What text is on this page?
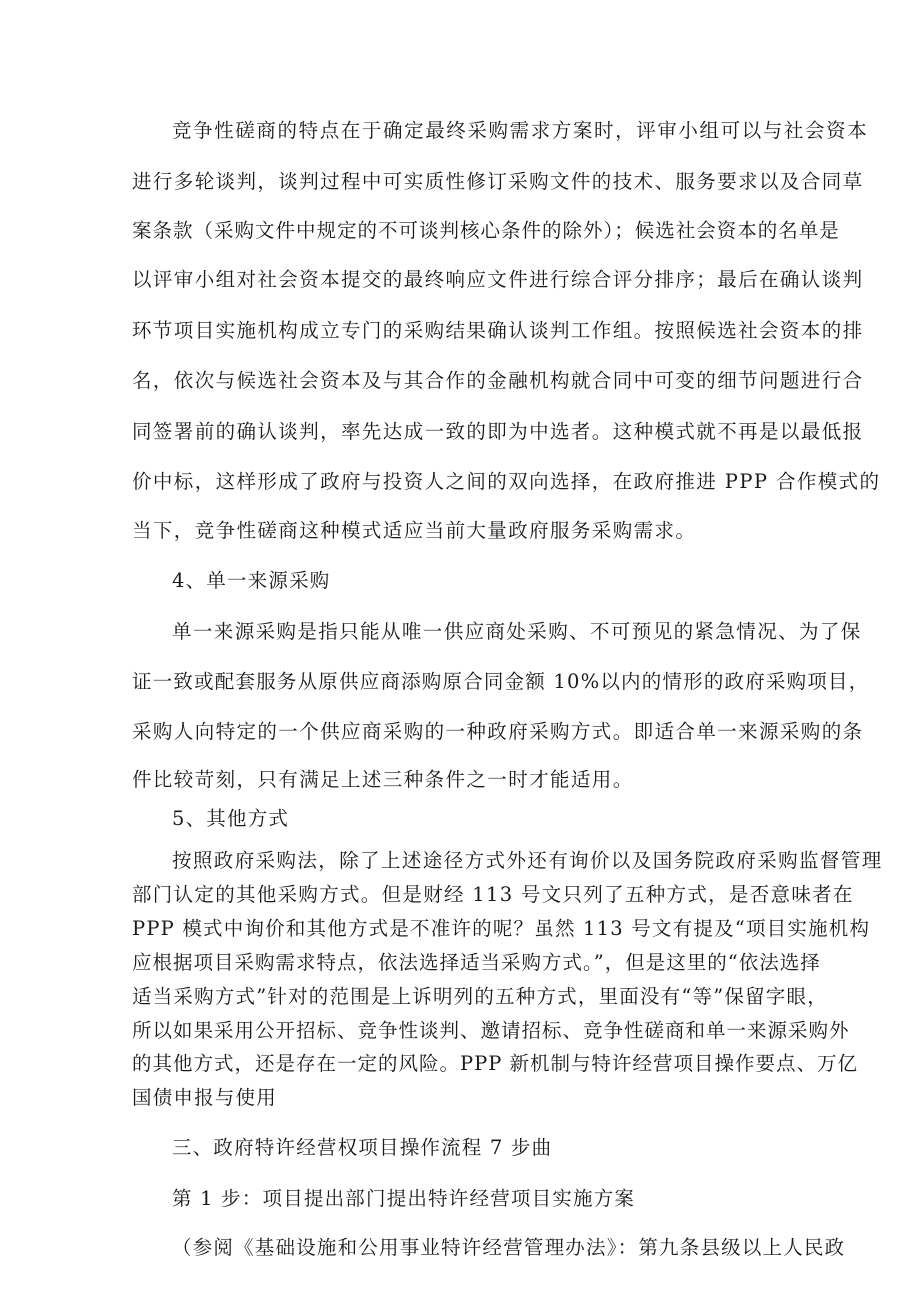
竞争性磋商的特点在于确定最终采购需求方案时，评审小组可以与社会资本
进行多轮谈判，谈判过程中可实质性修订采购文件的技术、服务要求以及合同草
案条款（采购文件中规定的不可谈判核心条件的除外）；候选社会资本的名单是
以评审小组对社会资本提交的最终响应文件进行综合评分排序；最后在确认谈判
环节项目实施机构成立专门的采购结果确认谈判工作组。按照候选社会资本的排
名，依次与候选社会资本及与其合作的金融机构就合同中可变的细节问题进行合
同签署前的确认谈判，率先达成一致的即为中选者。这种模式就不再是以最低报
价中标，这样形成了政府与投资人之间的双向选择，在政府推进 PPP 合作模式的
当下，竞争性磋商这种模式适应当前大量政府服务采购需求。
4、单一来源采购
单一来源采购是指只能从唯一供应商处采购、不可预见的紧急情况、为了保
证一致或配套服务从原供应商添购原合同金额 10%以内的情形的政府采购项目，
采购人向特定的一个供应商采购的一种政府采购方式。即适合单一来源采购的条
件比较苛刻，只有满足上述三种条件之一时才能适用。
5、其他方式
按照政府采购法，除了上述途径方式外还有询价以及国务院政府采购监督管理
部门认定的其他采购方式。但是财经 113 号文只列了五种方式，是否意味者在
PPP 模式中询价和其他方式是不准许的呢？虽然 113 号文有提及“项目实施机构
应根据项目采购需求特点，依法选择适当采购方式。”，但是这里的“依法选择
适当采购方式”针对的范围是上诉明列的五种方式，里面没有“等”保留字眼，
所以如果采用公开招标、竞争性谈判、邀请招标、竞争性磋商和单一来源采购外
的其他方式，还是存在一定的风险。PPP 新机制与特许经营项目操作要点、万亿
国债申报与使用
三、政府特许经营权项目操作流程 7 步曲
第 1 步：项目提出部门提出特许经营项目实施方案
（参阅《基础设施和公用事业特许经营管理办法》：第九条县级以上人民政
